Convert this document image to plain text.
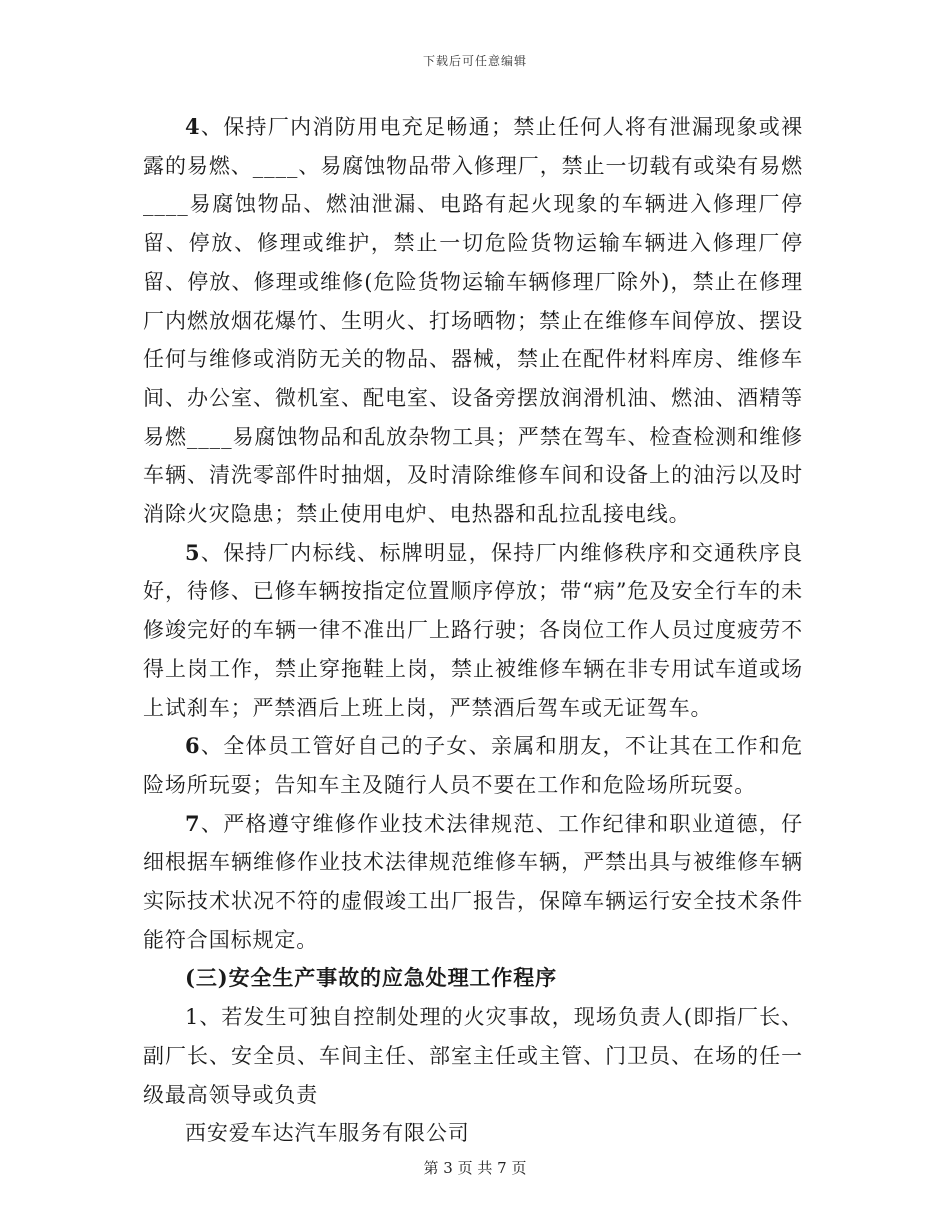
下载后可任意编辑

4、保持厂内消防用电充足畅通；禁止任何人将有泄漏现象或裸露的易燃、____、易腐蚀物品带入修理厂，禁止一切载有或染有易燃____易腐蚀物品、燃油泄漏、电路有起火现象的车辆进入修理厂停留、停放、修理或维护，禁止一切危险货物运输车辆进入修理厂停留、停放、修理或维修(危险货物运输车辆修理厂除外)，禁止在修理厂内燃放烟花爆竹、生明火、打场晒物；禁止在维修车间停放、摆设任何与维修或消防无关的物品、器械，禁止在配件材料库房、维修车间、办公室、微机室、配电室、设备旁摆放润滑机油、燃油、酒精等易燃____易腐蚀物品和乱放杂物工具；严禁在驾车、检查检测和维修车辆、清洗零部件时抽烟，及时清除维修车间和设备上的油污以及时消除火灾隐患；禁止使用电炉、电热器和乱拉乱接电线。

5、保持厂内标线、标牌明显，保持厂内维修秩序和交通秩序良好，待修、已修车辆按指定位置顺序停放；带“病”危及安全行车的未修竣完好的车辆一律不准出厂上路行驶；各岗位工作人员过度疲劳不得上岗工作，禁止穿拖鞋上岗，禁止被维修车辆在非专用试车道或场上试刹车；严禁酒后上班上岗，严禁酒后驾车或无证驾车。

6、全体员工管好自己的子女、亲属和朋友，不让其在工作和危险场所玩耍；告知车主及随行人员不要在工作和危险场所玩耍。

7、严格遵守维修作业技术法律规范、工作纪律和职业道德，仔细根据车辆维修作业技术法律规范维修车辆，严禁出具与被维修车辆实际技术状况不符的虚假竣工出厂报告，保障车辆运行安全技术条件能符合国标规定。

(三)安全生产事故的应急处理工作程序

1、若发生可独自控制处理的火灾事故，现场负责人(即指厂长、副厂长、安全员、车间主任、部室主任或主管、门卫员、在场的任一级最高领导或负责

西安爱车达汽车服务有限公司

第 3 页 共 7 页
